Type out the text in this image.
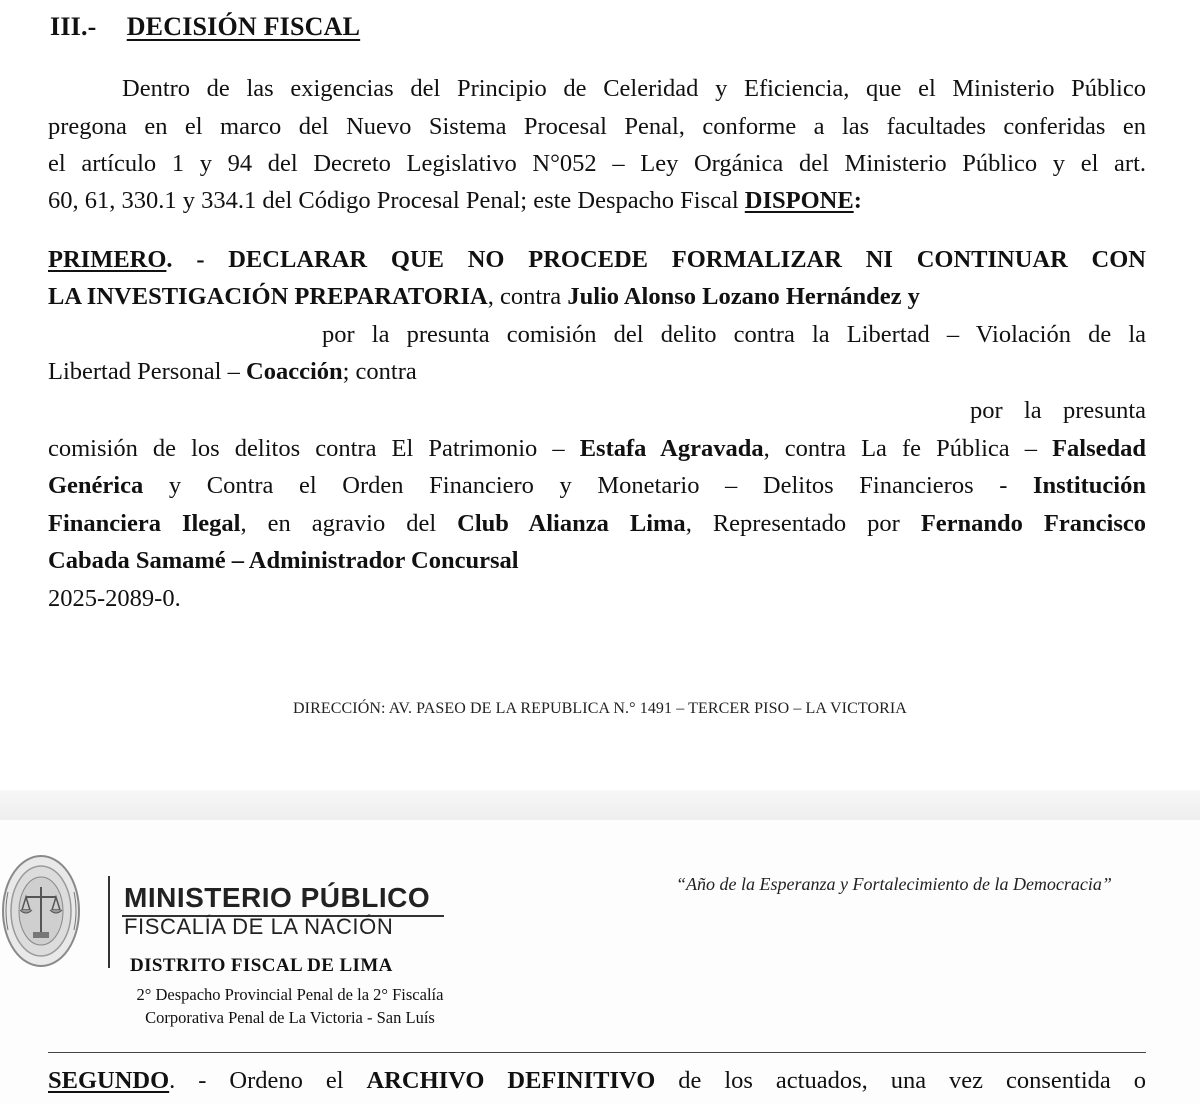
III.- DECISIÓN FISCAL
Dentro de las exigencias del Principio de Celeridad y Eficiencia, que el Ministerio Público
pregona en el marco del Nuevo Sistema Procesal Penal, conforme a las facultades conferidas en
el artículo 1 y 94 del Decreto Legislativo N°052 – Ley Orgánica del Ministerio Público y el art.
60, 61, 330.1 y 334.1 del Código Procesal Penal; este Despacho Fiscal DISPONE:
PRIMERO. - DECLARAR QUE NO PROCEDE FORMALIZAR NI CONTINUAR CON
LA INVESTIGACIÓN PREPARATORIA, contra Julio Alonso Lozano Hernández y
por la presunta comisión del delito contra la Libertad – Violación de la
Libertad Personal – Coacción; contra
por la presunta
comisión de los delitos contra El Patrimonio – Estafa Agravada, contra La fe Pública – Falsedad
Genérica y Contra el Orden Financiero y Monetario – Delitos Financieros - Institución
Financiera Ilegal, en agravio del Club Alianza Lima, Representado por Fernando Francisco
Cabada Samamé – Administrador Concursal
2025-2089-0.
DIRECCIÓN: AV. PASEO DE LA REPUBLICA N.° 1491 – TERCER PISO – LA VICTORIA
MINISTERIO PÚBLICO
FISCALÍA DE LA NACIÓN
DISTRITO FISCAL DE LIMA
2° Despacho Provincial Penal de la 2° Fiscalía
Corporativa Penal de La Victoria - San Luís
“Año de la Esperanza y Fortalecimiento de la Democracia”
SEGUNDO. - Ordeno el ARCHIVO DEFINITIVO de los actuados, una vez consentida o
